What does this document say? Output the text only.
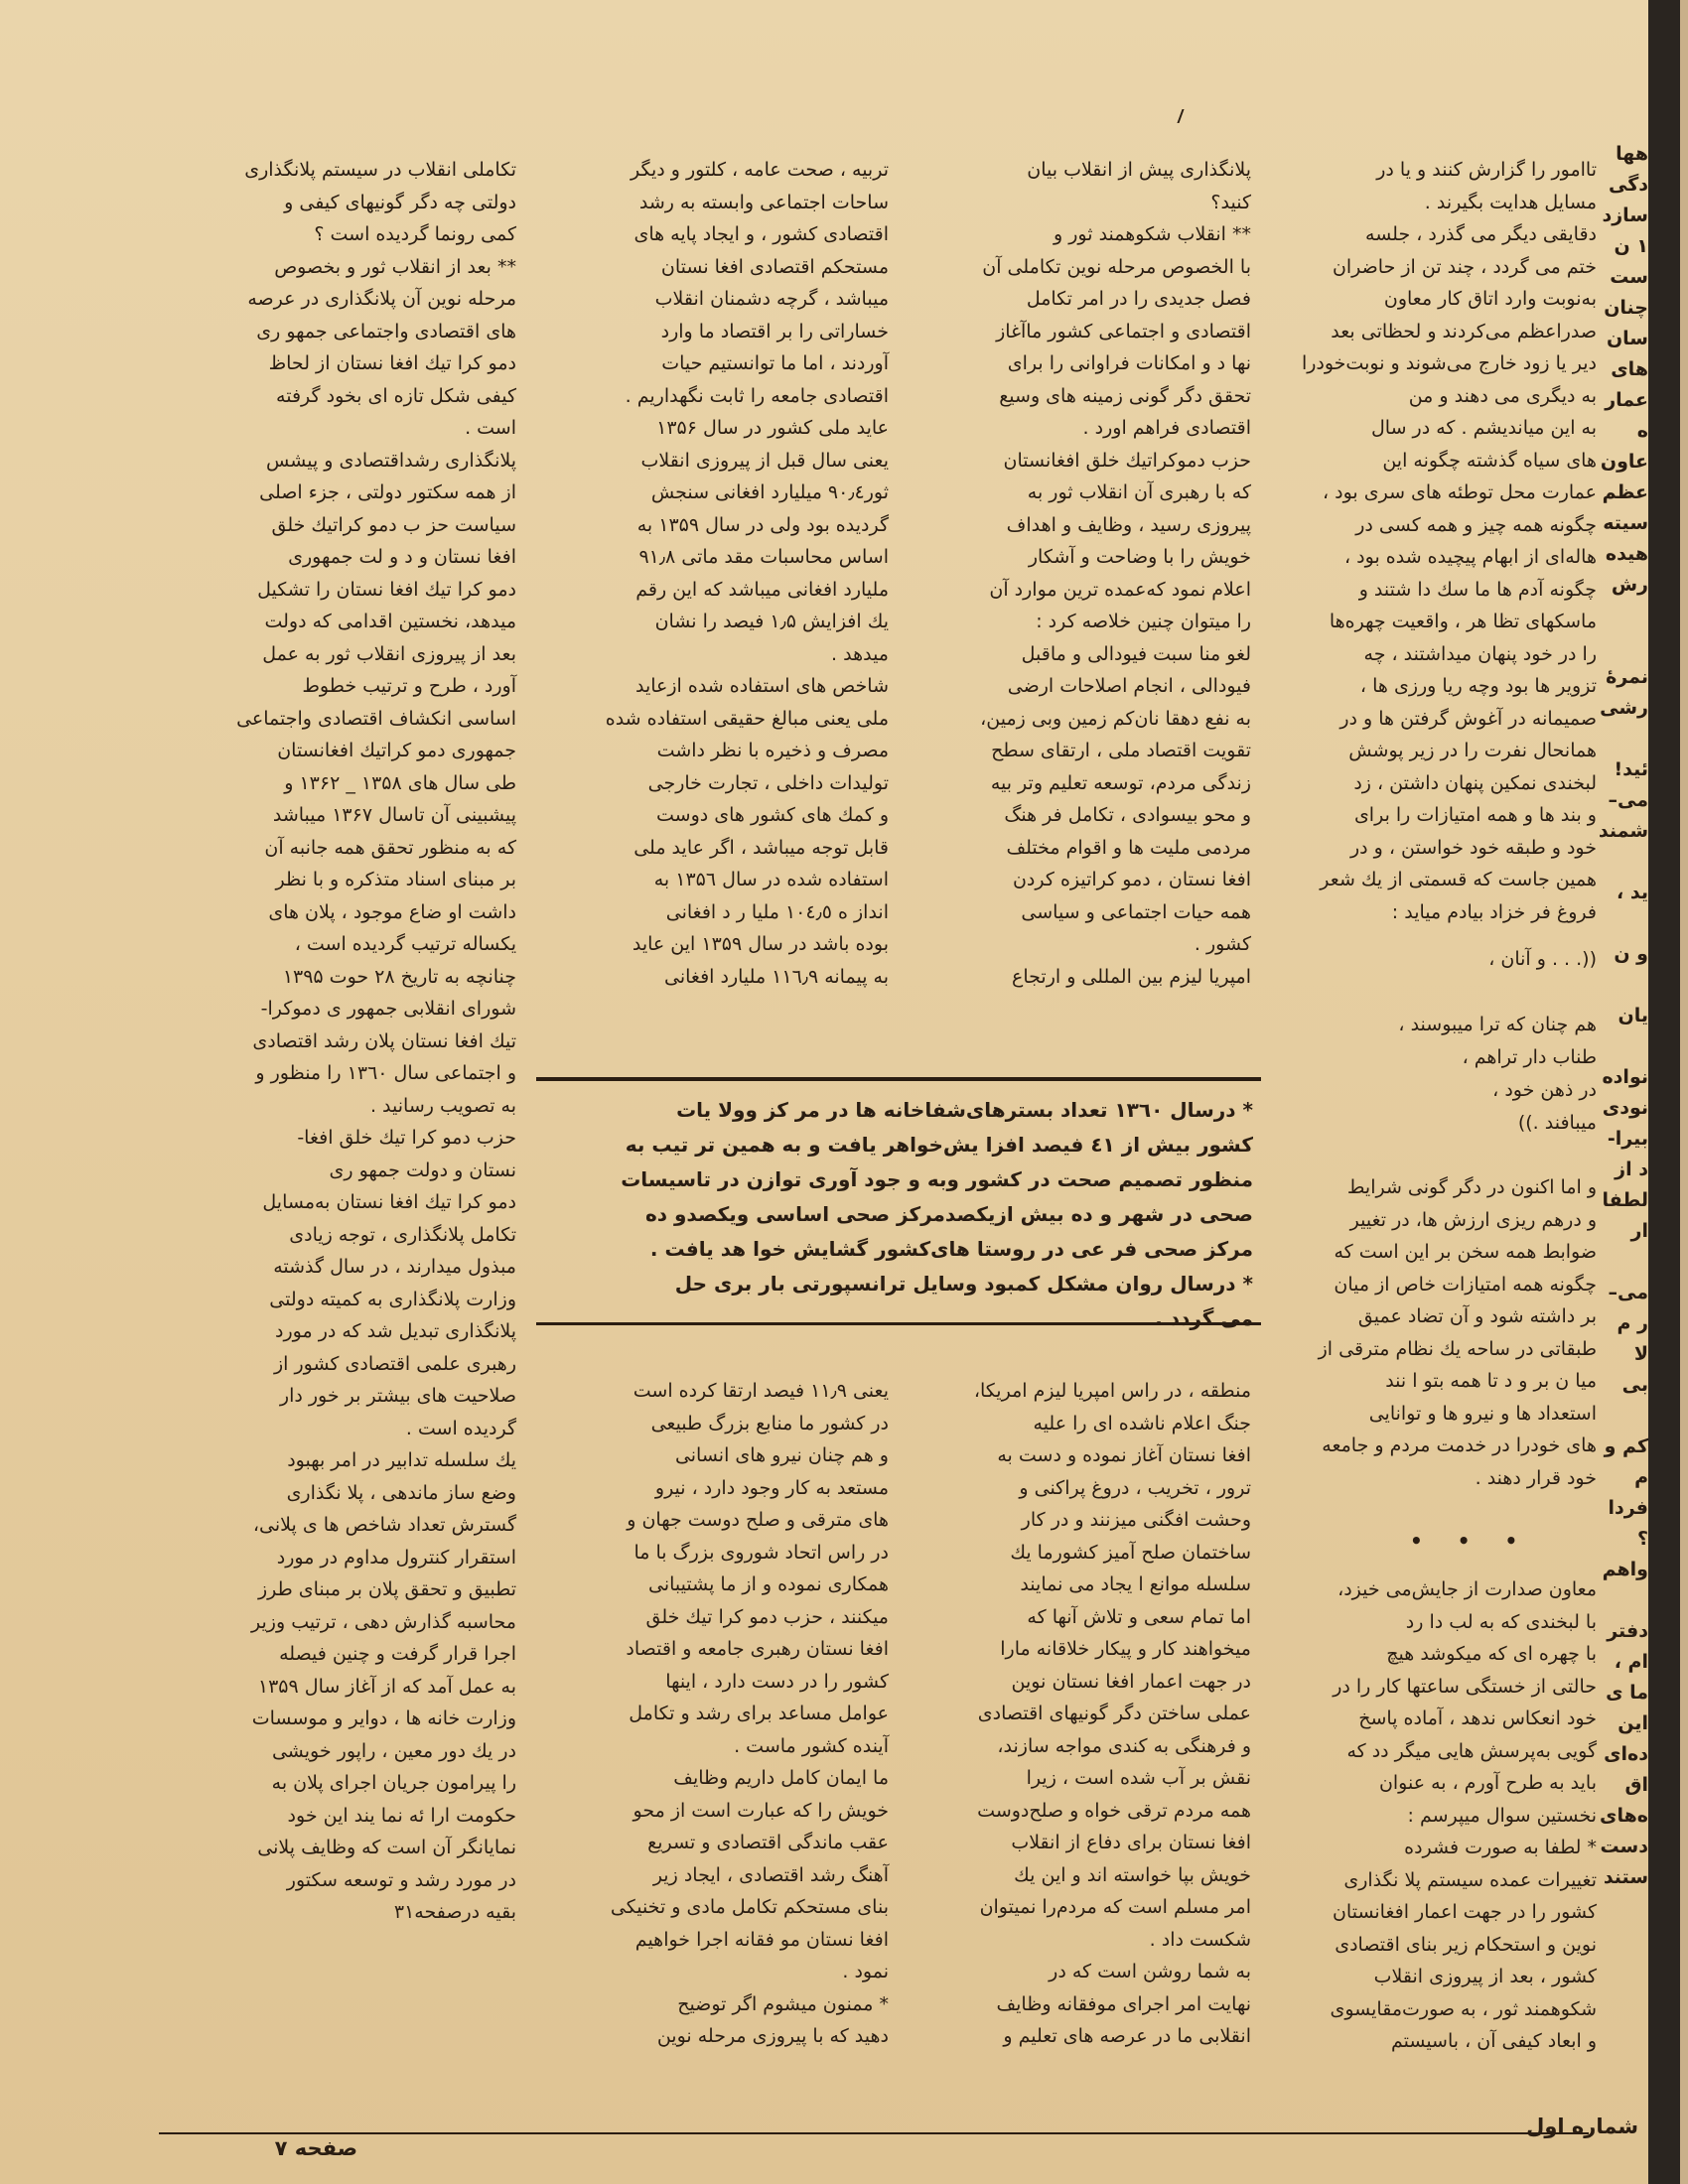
تاامور را گزارش کنند و یا در
مسایل هدایت بگیرند .
دقایقی دیگر می گذرد ، جلسه
ختم می گردد ، چند تن از حاضران
به‌نوبت وارد اتاق کار معاون
صدراعظم می‌کردند و لحظاتی بعد
دیر یا زود خارج می‌شوند و نوبت‌خودرا
به دیگری می دهند و من
به این میاندیشم . که در سال
های سیاه گذشته چگونه این
عمارت محل توطئه های سری بود ،
چگونه همه چیز و همه کسی در
هاله‌ای از ابهام پیچیده شده بود ،
چگونه آدم ها ما سك دا شتند و
ماسکهای تظا هر ، واقعیت چهره‌ها
را در خود پنهان میداشتند ، چه
تزویر ها بود وچه ریا ورزی ها ،
صمیمانه در آغوش گرفتن ها و در
همانحال نفرت را در زیر پوشش
لبخندی نمکین پنهان داشتن ، زد
و بند ها و همه امتیازات را برای
خود و طبقه خود خواستن ، و در
همین جاست که قسمتی از یك شعر
فروغ فر خزاد بیادم میاید :
((. . . و آنان ،

هم چنان که ترا میبوسند ،
طناب دار تراهم ،
در ذهن خود ،
میبافند .))
و اما اکنون در دگر گونی شرایط
و درهم ریزی ارزش ها، در تغییر
ضوابط همه سخن بر این است که
چگونه همه امتیازات خاص از میان
بر داشته شود و آن تضاد عمیق
طبقاتی در ساحه یك نظام مترقی از
میا ن بر و د تا همه بتو ا نند
استعداد ها و نیرو ها و توانایی
های خودرا در خدمت مردم و جامعه
خود قرار دهند .
• • •
معاون صدارت از جایش‌می خیزد،
با لبخندی که به لب دا رد
با چهره ای که میکوشد هیچ
حالتی از خستگی ساعتها کار را در
خود انعکاس ندهد ، آماده پاسخ
گویی به‌پرسش هایی میگر دد که
باید به طرح آورم ، به عنوان
نخستین سوال میپرسم :
* لطفا به صورت فشرده
تغییرات عمده سیستم پلا نگذاری
کشور را در جهت اعمار افغانستان
نوین و استحکام زیر بنای اقتصادی
کشور ، بعد از پیروزی انقلاب
شکوهمند ثور ، به صورت‌مقایسوی
و ابعاد کیفی آن ، باسیستم
پلانگذاری پیش از انقلاب بیان
کنید؟
** انقلاب شکوهمند ثور و
با الخصوص مرحله نوین تکاملی آن
فصل جدیدی را در امر تکامل
اقتصادی و اجتماعی کشور ماآغاز
نها د و امکانات فراوانی را برای
تحقق دگر گونی زمینه های وسیع
اقتصادی فراهم اورد .
حزب دموکراتیك خلق افغانستان
که با رهبری آن انقلاب ثور به
پیروزی رسید ، وظایف و اهداف
خویش را با وضاحت و آشکار
اعلام نمود که‌عمده ترین موارد آن
را میتوان چنین خلاصه کرد :
لغو منا سبت فیودالی و ماقبل
فیودالی ، انجام اصلاحات ارضی
به نفع دهقا نان‌کم زمین وبی زمین،
تقویت اقتصاد ملی ، ارتقای سطح
زندگی مردم، توسعه تعلیم وتر بیه
و محو بیسوادی ، تکامل فر هنگ
مردمی ملیت ها و اقوام مختلف
افغا نستان ، دمو کراتیزه کردن
همه حیات اجتماعی و سیاسی
کشور .
امپریا لیزم بین المللی و ارتجاع
تربیه ، صحت عامه ، کلتور و دیگر
ساحات اجتماعی وابسته به رشد
اقتصادی کشور ، و ایجاد پایه های
مستحکم اقتصادی افغا نستان
میباشد ، گرچه دشمنان انقلاب
خساراتی را بر اقتصاد ما وارد
آوردند ، اما ما توانستیم حیات
اقتصادی جامعه را ثابت نگهداریم .
عاید ملی کشور در سال ۱۳۵۶
یعنی سال قبل از پیروزی انقلاب
ثور۹۰٫٤ میلیارد افغانی سنجش
گردیده بود ولی در سال ۱۳۵۹ به
اساس محاسبات مقد ماتی ۹۱٫۸
ملیارد افغانی میباشد که این رقم
یك افزایش ۱٫۵ فیصد را نشان
میدهد .
شاخص های استفاده شده ازعاید
ملی یعنی مبالغ حقیقی استفاده شده
مصرف و ذخیره با نظر داشت
تولیدات داخلی ، تجارت خارجی
و کمك های کشور های دوست
قابل توجه میباشد ، اگر عاید ملی
استفاده شده در سال ۱۳۵٦ به
انداز ه ۱۰٤٫٥ ملیا ر د افغانی
بوده باشد در سال ۱۳۵۹ این عاید
به پیمانه ۱۱٦٫۹ ملیارد افغانی
تکاملی انقلاب در سیستم پلانگذاری
دولتی چه دگر گونیهای کیفی و
کمی رونما گردیده است ؟
** بعد از انقلاب ثور و بخصوص
مرحله نوین آن پلانگذاری در عرصه
های اقتصادی واجتماعی جمهو ری
دمو کرا تیك افغا نستان از لحاظ
کیفی شکل تازه ای بخود گرفته
است .
پلانگذاری رشداقتصادی و پیشس
از همه سکتور دولتی ، جزء اصلی
سیاست حز ب دمو کراتیك خلق
افغا نستان و د و لت جمهوری
دمو کرا تیك افغا نستان را تشکیل
میدهد، نخستین اقدامی که دولت
بعد از پیروزی انقلاب ثور به عمل
آورد ، طرح و ترتیب خطوط
اساسی انکشاف اقتصادی واجتماعی
جمهوری دمو کراتیك افغانستان
طی سال های ۱۳۵۸ _ ۱۳۶۲ و
پیشبینی آن تاسال ۱۳۶۷ میباشد
که به منظور تحقق همه جانبه آن
بر مبنای اسناد متذکره و با نظر
داشت او ضاع موجود ، پلان های
یکساله ترتیب گردیده است ،
چنانچه به تاریخ ۲۸ حوت ۱۳۹۵
شورای انقلابی جمهور ی دموکرا-
تیك افغا نستان پلان رشد اقتصادی
و اجتماعی سال ۱۳٦۰ را منظور و
به تصویب رسانید .
حزب دمو کرا تیك خلق افغا-
نستان و دولت جمهو ری
دمو کرا تیك افغا نستان به‌مسایل
تکامل پلانگذاری ، توجه زیادی
مبذول میدارند ، در سال گذشته
وزارت پلانگذاری به کمیته دولتی
پلانگذاری تبدیل شد که در مورد
رهبری علمی اقتصادی کشور از
صلاحیت های بیشتر بر خور دار
گردیده است .
یك سلسله تدابیر در امر بهبود
وضع ساز ماندهی ، پلا نگذاری
گسترش تعداد شاخص ها ی پلانی،
استقرار کنترول مداوم در مورد
تطبیق و تحقق پلان بر مبنای طرز
محاسبه گذارش دهی ، ترتیب وزیر
اجرا قرار گرفت و چنین فیصله
به عمل آمد که از آغاز سال ۱۳۵۹
وزارت خانه ها ، دوایر و موسسات
در یك دور معین ، راپور خویشی
را پیرامون جریان اجرای پلان به
حکومت ارا ئه نما یند این خود
نمایانگر آن است که وظایف پلانی
در مورد رشد و توسعه سکتور
بقیه درصفحه۳۱
* درسال ۱۳٦۰ تعداد بسترهای‌شفاخانه ها در مر کز وولا یات
کشور بیش از ٤۱ فیصد افزا یش‌خواهر یافت و به همین تر تیب به
منظور تصمیم صحت در کشور وبه و جود آوری توازن در تاسیسات
صحی در شهر و ده بیش ازیکصدمرکز صحی اساسی ویکصدو ده
مرکز صحی فر عی در روستا های‌کشور گشایش خوا هد یافت .
* درسال روان مشکل کمبود وسایل ترانسپورتی بار بری حل
می گردد .
منطقه ، در راس امپریا لیزم امریکا،
جنگ اعلام ناشده ای را علیه
افغا نستان آغاز نموده و دست به
ترور ، تخریب ، دروغ پراکنی و
وحشت افگنی میزنند و در کار
ساختمان صلح آمیز کشورما یك
سلسله موانع ا یجاد می نمایند
اما تمام سعی و تلاش آنها که
میخواهند کار و پیکار خلاقانه مارا
در جهت اعمار افغا نستان نوین
عملی ساختن دگر گونیهای اقتصادی
و فرهنگی به کندی مواجه سازند،
نقش بر آب شده است ، زیرا
همه مردم ترقی خواه و صلح‌دوست
افغا نستان برای دفاع از انقلاب
خویش بپا خواسته اند و این یك
امر مسلم است که مردم‌را نمیتوان
شکست داد .
به شما روشن است که در
نهایت امر اجرای موفقانه وظایف
انقلابی ما در عرصه های تعلیم و
یعنی ۱۱٫۹ فیصد ارتقا کرده است
در کشور ما منابع بزرگ طبیعی
و هم چنان نیرو های انسانی
مستعد به کار وجود دارد ، نیرو
های مترقی و صلح دوست جهان و
در راس اتحاد شوروی بزرگ با ما
همکاری نموده و از ما پشتیبانی
میکنند ، حزب دمو کرا تیك خلق
افغا نستان رهبری جامعه و اقتصاد
کشور را در دست دارد ، اینها
عوامل مساعد برای رشد و تکامل
آینده کشور ماست .
ما ایمان کامل داریم وظایف
خویش را که عبارت است از محو
عقب ماندگی اقتصادی و تسریع
آهنگ رشد اقتصادی ، ایجاد زیر
بنای مستحکم تکامل مادی و تخنیکی
افغا نستان مو فقانه اجرا خواهیم
نمود .
* ممنون میشوم اگر توضیح
دهید که با پیروزی مرحله نوین
هها
دگی
سازد
۱ ن
ست
چنان
سان
های
عمار
ه
عاون
عظم
سیته
هیده
رش

نمرهٔ
رشی

ئید!
می–
شمند

ید ،

و ن

یان

نواده
نودی
بیرا-
د از
لطفا
ار

می–
ر م
لا بی

کم و
م
فردا
؟
واهم

دفتر
ام ،
ما ی
این
ده‌ای
اق
ه‌های
دست
ستند
صفحه ۷
شماره اول
